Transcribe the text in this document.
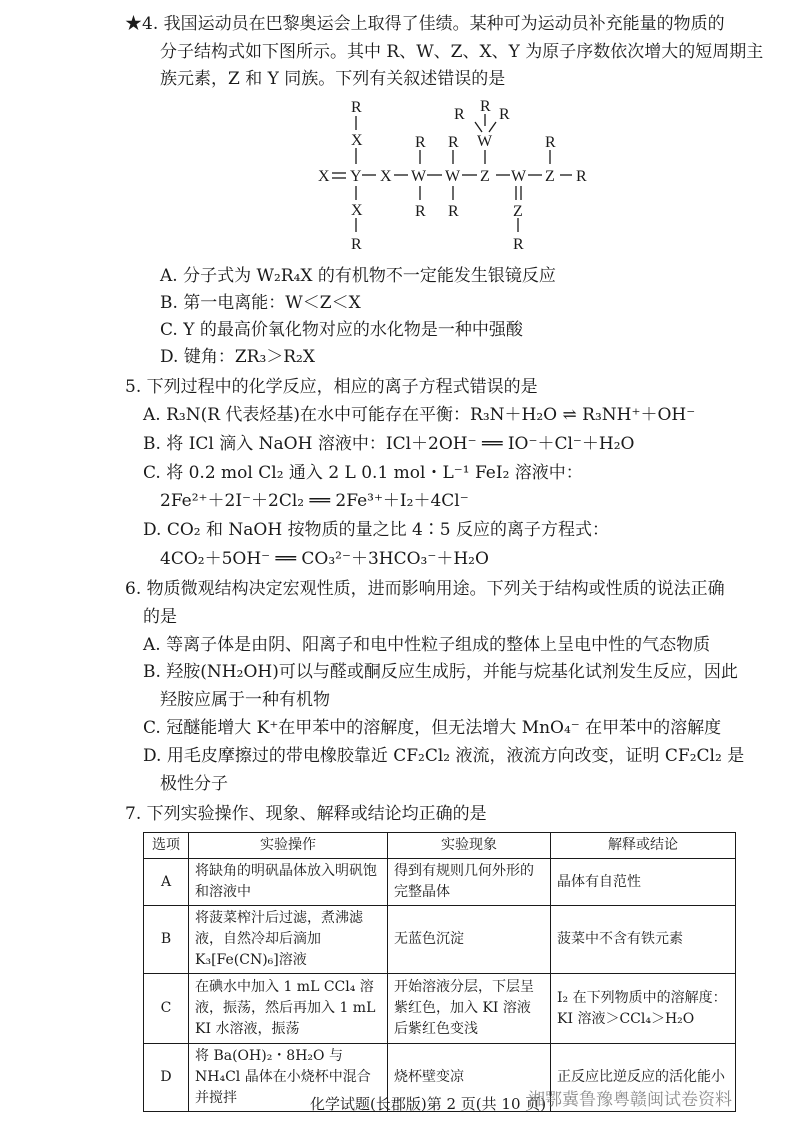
★4. 我国运动员在巴黎奥运会上取得了佳绩。某种可为运动员补充能量的物质的
分子结构式如下图所示。其中 R、W、Z、X、Y 为原子序数依次增大的短周期主
族元素，Z 和 Y 同族。下列有关叙述错误的是
X Y X W W Z W Z R
R
X
X
R
R
R
R
R
W
R R R
R
Z
R
A. 分子式为 W₂R₄X 的有机物不一定能发生银镜反应
B. 第一电离能：W＜Z＜X
C. Y 的最高价氧化物对应的水化物是一种中强酸
D. 键角：ZR₃＞R₂X
5. 下列过程中的化学反应，相应的离子方程式错误的是
A. R₃N(R 代表烃基)在水中可能存在平衡：R₃N＋H₂O ⇌ R₃NH⁺＋OH⁻
B. 将 ICl 滴入 NaOH 溶液中：ICl＋2OH⁻ ══ IO⁻＋Cl⁻＋H₂O
C. 将 0.2 mol Cl₂ 通入 2 L 0.1 mol・L⁻¹ FeI₂ 溶液中：
2Fe²⁺＋2I⁻＋2Cl₂ ══ 2Fe³⁺＋I₂＋4Cl⁻
D. CO₂ 和 NaOH 按物质的量之比 4∶5 反应的离子方程式：
4CO₂＋5OH⁻ ══ CO₃²⁻＋3HCO₃⁻＋H₂O
6. 物质微观结构决定宏观性质，进而影响用途。下列关于结构或性质的说法正确
的是
A. 等离子体是由阴、阳离子和电中性粒子组成的整体上呈电中性的气态物质
B. 羟胺(NH₂OH)可以与醛或酮反应生成肟，并能与烷基化试剂发生反应，因此
羟胺应属于一种有机物
C. 冠醚能增大 K⁺在甲苯中的溶解度，但无法增大 MnO₄⁻ 在甲苯中的溶解度
D. 用毛皮摩擦过的带电橡胶靠近 CF₂Cl₂ 液流，液流方向改变，证明 CF₂Cl₂ 是
极性分子
7. 下列实验操作、现象、解释或结论均正确的是
选项	实验操作	实验现象	解释或结论
A	将缺角的明矾晶体放入明矾饱和溶液中	得到有规则几何外形的完整晶体	晶体有自范性
B	将菠菜榨汁后过滤，煮沸滤液，自然冷却后滴加 K₃[Fe(CN)₆]溶液	无蓝色沉淀	菠菜中不含有铁元素
C	在碘水中加入 1 mL CCl₄ 溶液，振荡，然后再加入 1 mL KI 水溶液，振荡	开始溶液分层，下层呈紫红色，加入 KI 溶液后紫红色变浅	I₂ 在下列物质中的溶解度：KI 溶液＞CCl₄＞H₂O
D	将 Ba(OH)₂・8H₂O 与 NH₄Cl 晶体在小烧杯中混合并搅拌	烧杯壁变凉	正反应比逆反应的活化能小
化学试题(长郡版)第 2 页(共 10 页)
湘鄂冀鲁豫粤赣闽试卷资料
